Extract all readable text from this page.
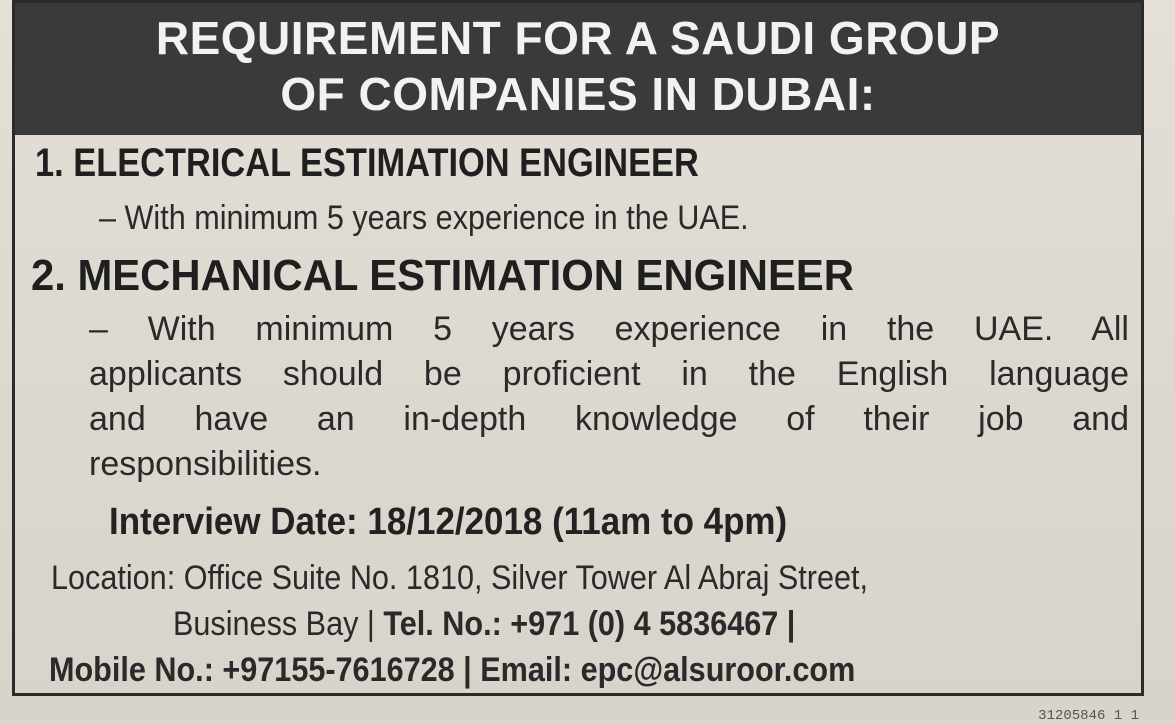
REQUIREMENT FOR A SAUDI GROUP
OF COMPANIES IN DUBAI:
1. ELECTRICAL ESTIMATION ENGINEER
– With minimum 5 years experience in the UAE.
2. MECHANICAL ESTIMATION ENGINEER
– With minimum 5 years experience in the UAE. All
applicants should be proficient in the English language
and have an in-depth knowledge of their job and
responsibilities.
Interview Date: 18/12/2018 (11am to 4pm)
Location: Office Suite No. 1810, Silver Tower Al Abraj Street,
Business Bay | Tel. No.: +971 (0) 4 5836467 |
Mobile No.: +97155-7616728 | Email: epc@alsuroor.com
31205846 1 1
